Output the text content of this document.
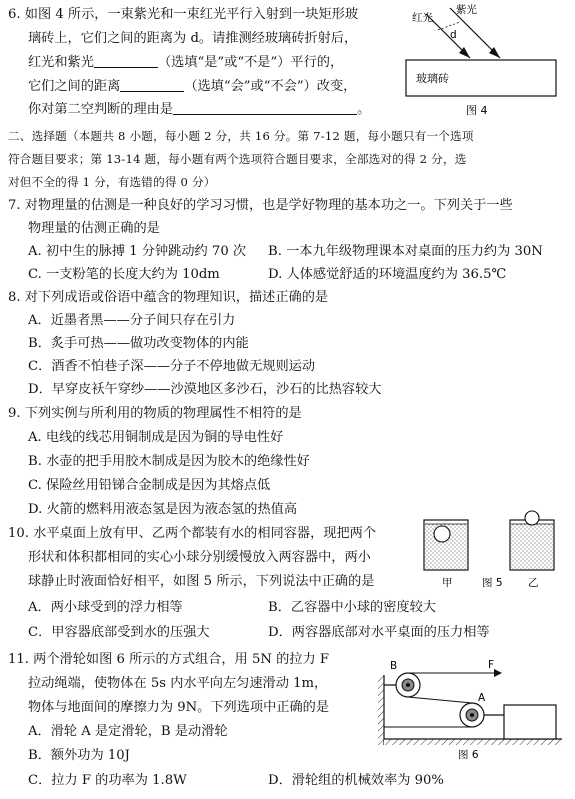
6. 如图 4 所示，一束紫光和一束红光平行入射到一块矩形玻
璃砖上，它们之间的距离为 d。请推测经玻璃砖折射后，
红光和紫光	（选填“是”或“不是”）平行的，
它们之间的距离	（选填“会”或“不会”）改变，
你对第二空判断的理由是	。
红光
紫光
d
玻璃砖
图 4
二、选择题（本题共 8 小题，每小题 2 分，共 16 分。第 7-12 题，每小题只有一个选项
符合题目要求；第 13-14 题，每小题有两个选项符合题目要求，全部选对的得 2 分，选
对但不全的得 1 分，有选错的得 0 分）
7. 对物理量的估测是一种良好的学习习惯，也是学好物理的基本功之一。下列关于一些
物理量的估测正确的是
A. 初中生的脉搏 1 分钟跳动约 70 次 B. 一本九年级物理课本对桌面的压力约为 30N
C. 一支粉笔的长度大约为 10dm	D. 人体感觉舒适的环境温度约为 36.5℃
8. 对下列成语或俗语中蕴含的物理知识，描述正确的是
A．近墨者黑——分子间只存在引力
B．炙手可热——做功改变物体的内能
C．酒香不怕巷子深——分子不停地做无规则运动
D．早穿皮袄午穿纱——沙漠地区多沙石，沙石的比热容较大
9. 下列实例与所利用的物质的物理属性不相符的是
A. 电线的线芯用铜制成是因为铜的导电性好
B. 水壶的把手用胶木制成是因为胶木的绝缘性好
C. 保险丝用铅锑合金制成是因为其熔点低
D. 火箭的燃料用液态氢是因为液态氢的热值高
10. 水平桌面上放有甲、乙两个都装有水的相同容器，现把两个
形状和体积都相同的实心小球分别缓慢放入两容器中，两小
球静止时液面恰好相平，如图 5 所示，下列说法中正确的是
A．两小球受到的浮力相等	B．乙容器中小球的密度较大
C．甲容器底部受到水的压强大	D．两容器底部对水平桌面的压力相等
甲	图 5 乙
11. 两个滑轮如图 6 所示的方式组合，用 5N 的拉力 F
拉动绳端，使物体在 5s 内水平向左匀速滑动 1m，
物体与地面间的摩擦力为 9N。下列选项中正确的是
A．滑轮 A 是定滑轮，B 是动滑轮
B．额外功为 10J
C．拉力 F 的功率为 1.8W	D．滑轮组的机械效率为 90%
B	F
A
图 6
